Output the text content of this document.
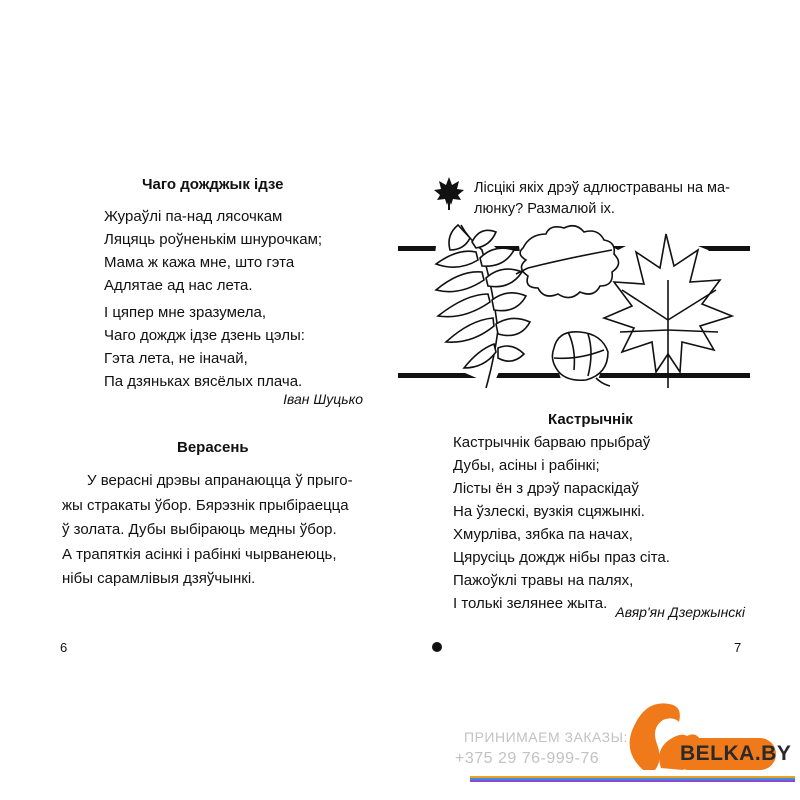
Чаго дожджык ідзе
Жураўлі па-над лясочкам
Ляцяць роўненькім шнурочкам;
Мама ж кажа мне, што гэта
Адлятае ад нас лета.
І цяпер мне зразумела,
Чаго дождж ідзе дзень цэлы:
Гэта лета, не іначай,
Па дзяньках вясёлых плача.
Іван Шуцько
Верасень

У верасні дрэвы апранаюцца ў прыго-

жы стракаты ўбор. Бярэзнік прыбіраецца

ў золата. Дубы выбіраюць медны ўбор.

А трапяткія асінкі і рабінкі чырванеюць,

нібы сарамлівыя дзяўчынкі.

6
Лісцікі якіх дрэў адлюстраваны на ма-
люнку? Размалюй іх.
Кастрычнік
Кастрычнік барваю прыбраў
Дубы, асіны і рабінкі;
Лісты ён з дрэў параскідаў
На ўзлескі, вузкія сцяжынкі.
Хмурліва, зябка па начах,
Цярусіць дождж нібы праз сіта.
Пажоўклі травы на палях,
І толькі зелянее жыта. Авяр'ян Дзержынскі
7
ПРИНИМАЕМ ЗАКАЗЫ:
+375 29 76-999-76	BELKA.BY
